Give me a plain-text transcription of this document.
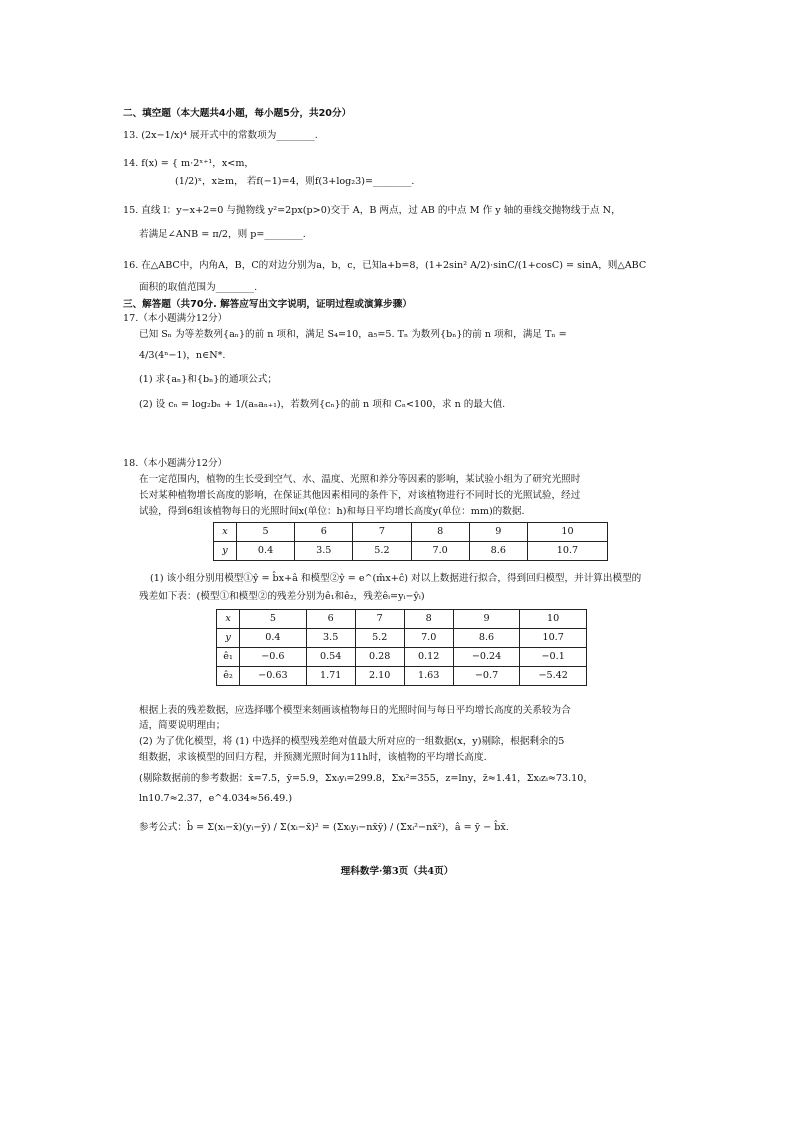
二、填空题（本大题共4小题，每小题5分，共20分）
13. (2x−1/x)⁴ 展开式中的常数项为________.
14. f(x) = { m·2ˣ⁺¹，x<m，
(1/2)ˣ，x≥m， 若f(−1)=4，则f(3+log₂3)=________.
15. 直线 l：y−x+2=0 与抛物线 y²=2px(p>0)交于 A，B 两点，过 AB 的中点 M 作 y 轴的垂线交抛物线于点 N，
若满足∠ANB = π/2，则 p=________.
16. 在△ABC中，内角A，B，C的对边分别为a，b，c，已知a+b=8，(1+2sin² A/2)·sinC/(1+cosC) = sinA，则△ABC
面积的取值范围为________.
三、解答题（共70分. 解答应写出文字说明，证明过程或演算步骤）
17.（本小题满分12分）
已知 Sₙ 为等差数列{aₙ}的前 n 项和，满足 S₄=10，a₅=5. Tₙ 为数列{bₙ}的前 n 项和，满足 Tₙ =
4/3(4ⁿ−1)，n∈N*.
(1) 求{aₙ}和{bₙ}的通项公式；
(2) 设 cₙ = log₂bₙ + 1/(aₙaₙ₊₁)，若数列{cₙ}的前 n 项和 Cₙ<100，求 n 的最大值.
18.（本小题满分12分）
在一定范围内，植物的生长受到空气、水、温度、光照和养分等因素的影响，某试验小组为了研究光照时
长对某种植物增长高度的影响，在保证其他因素相同的条件下，对该植物进行不同时长的光照试验，经过
试验，得到6组该植物每日的光照时间x(单位：h)和每日平均增长高度y(单位：mm)的数据.
x	5	6	7	8	9	10
y	0.4	3.5	5.2	7.0	8.6	10.7
(1) 该小组分别用模型①ŷ = b̂x+â 和模型②ŷ = e^(m̂x+ĉ) 对以上数据进行拟合，得到回归模型，并计算出模型的
残差如下表：(模型①和模型②的残差分别为ê₁和ê₂，残差êᵢ=yᵢ−ŷᵢ)
x	5	6	7	8	9	10
y	0.4	3.5	5.2	7.0	8.6	10.7
ê₁	−0.6	0.54	0.28	0.12	−0.24	−0.1
ê₂	−0.63	1.71	2.10	1.63	−0.7	−5.42
根据上表的残差数据，应选择哪个模型来刻画该植物每日的光照时间与每日平均增长高度的关系较为合
适，简要说明理由；
(2) 为了优化模型，将 (1) 中选择的模型残差绝对值最大所对应的一组数据(x，y)剔除，根据剩余的5
组数据，求该模型的回归方程，并预测光照时间为11h时，该植物的平均增长高度.
(剔除数据前的参考数据：x̄=7.5，ȳ=5.9，Σxᵢyᵢ=299.8，Σxᵢ²=355，z=lny，z̄≈1.41，Σxᵢzᵢ≈73.10，
ln10.7≈2.37，e^4.034≈56.49.)
参考公式：b̂ = Σ(xᵢ−x̄)(yᵢ−ȳ) / Σ(xᵢ−x̄)² = (Σxᵢyᵢ−nx̄ȳ) / (Σxᵢ²−nx̄²)，â = ȳ − b̂x̄.
理科数学·第3页（共4页）
